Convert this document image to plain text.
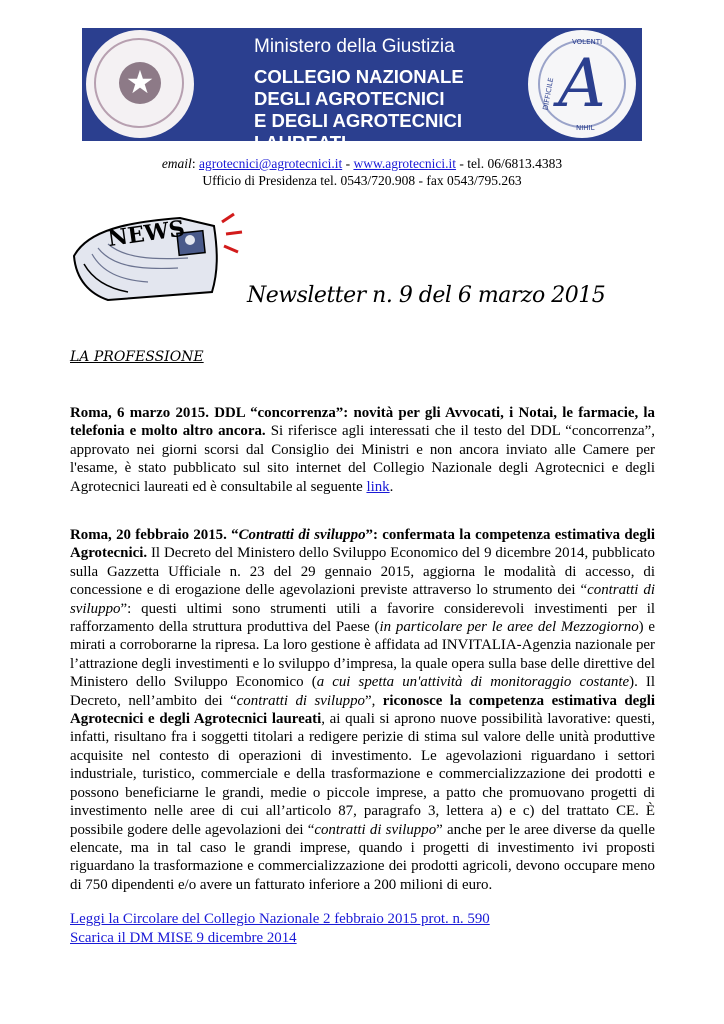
★
Ministero della Giustizia
COLLEGIO NAZIONALE
DEGLI AGROTECNICI
E DEGLI AGROTECNICI LAUREATI
A
VOLENTI
DIFFICILE
NIHIL
email: agrotecnici@agrotecnici.it - www.agrotecnici.it - tel. 06/6813.4383
Ufficio di Presidenza tel. 0543/720.908 - fax 0543/795.263
NEWS
Newsletter n. 9 del 6 marzo 2015
LA PROFESSIONE

Roma, 6 marzo 2015. DDL “concorrenza”: novità per gli Avvocati, i Notai, le farmacie, la telefonia e molto altro ancora. Si riferisce agli interessati che il testo del DDL “concorrenza”, approvato nei giorni scorsi dal Consiglio dei Ministri e non ancora inviato alle Camere per l'esame, è stato pubblicato sul sito internet del Collegio Nazionale degli Agrotecnici e degli Agrotecnici laureati ed è consultabile al seguente link.

Roma, 20 febbraio 2015. “Contratti di sviluppo”: confermata la competenza estimativa degli Agrotecnici. Il Decreto del Ministero dello Sviluppo Economico del 9 dicembre 2014, pubblicato sulla Gazzetta Ufficiale n. 23 del 29 gennaio 2015, aggiorna le modalità di accesso, di concessione e di erogazione delle agevolazioni previste attraverso lo strumento dei “contratti di sviluppo”: questi ultimi sono strumenti utili a favorire considerevoli investimenti per il rafforzamento della struttura produttiva del Paese (in particolare per le aree del Mezzogiorno) e mirati a corroborarne la ripresa. La loro gestione è affidata ad INVITALIA-Agenzia nazionale per l’attrazione degli investimenti e lo sviluppo d’impresa, la quale opera sulla base delle direttive del Ministero dello Sviluppo Economico (a cui spetta un'attività di monitoraggio costante). Il Decreto, nell’ambito dei “contratti di sviluppo”, riconosce la competenza estimativa degli Agrotecnici e degli Agrotecnici laureati, ai quali si aprono nuove possibilità lavorative: questi, infatti, risultano fra i soggetti titolari a redigere perizie di stima sul valore delle unità produttive acquisite nel contesto di operazioni di investimento. Le agevolazioni riguardano i settori industriale, turistico, commerciale e della trasformazione e commercializzazione dei prodotti e possono beneficiarne le grandi, medie o piccole imprese, a patto che promuovano progetti di investimento nelle aree di cui all’articolo 87, paragrafo 3, lettera a) e c) del trattato CE. È possibile godere delle agevolazioni dei “contratti di sviluppo” anche per le aree diverse da quelle elencate, ma in tal caso le grandi imprese, quando i progetti di investimento ivi proposti riguardano la trasformazione e commercializzazione dei prodotti agricoli, devono occupare meno di 750 dipendenti e/o avere un fatturato inferiore a 200 milioni di euro.

Leggi la Circolare del Collegio Nazionale 2 febbraio 2015 prot. n. 590
Scarica il DM MISE 9 dicembre 2014
